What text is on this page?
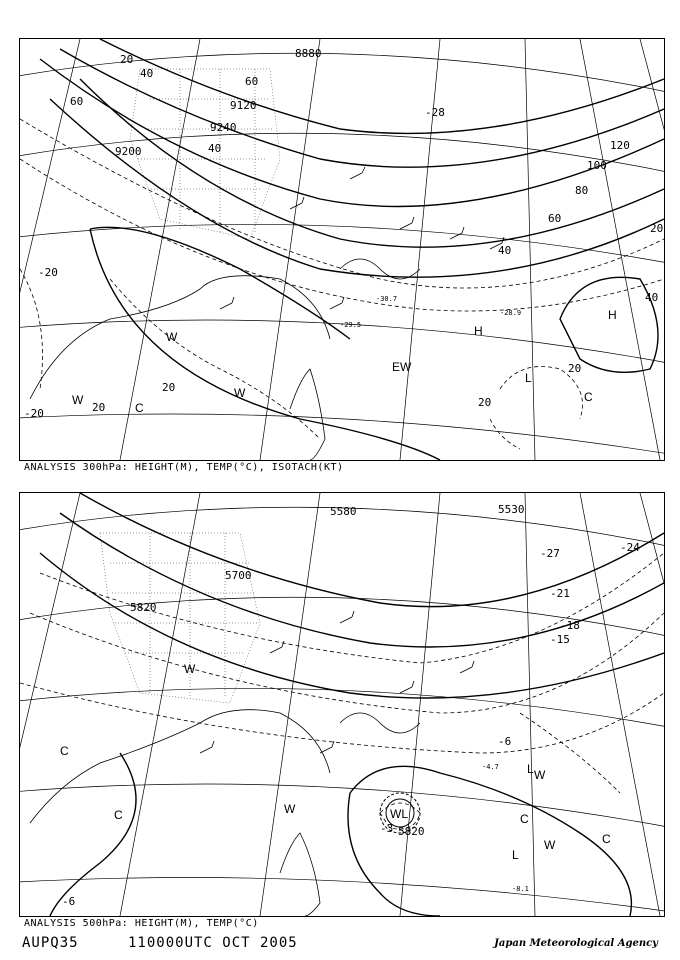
8880
9120
9240
9200
20
40
60
40
60
80
100
120
60
40
20
40
20
20
20
20
-20
-28
-20
-30.7
-28.9
-29.5	H
H
L
W
W
W
C
C
EW
ANALYSIS 300hPa: HEIGHT(M), TEMP(°C), ISOTACH(KT)
5580
5700
5820
5820
5530
-27	-24
-21
-18
-15
-6
-3
-6
-4.7
-8.1
WL
L
L
C
C
C
W
W
W
W
C
ANALYSIS 500hPa: HEIGHT(M), TEMP(°C)
AUPQ35	110000UTC OCT 2005	Japan Meteorological Agency
